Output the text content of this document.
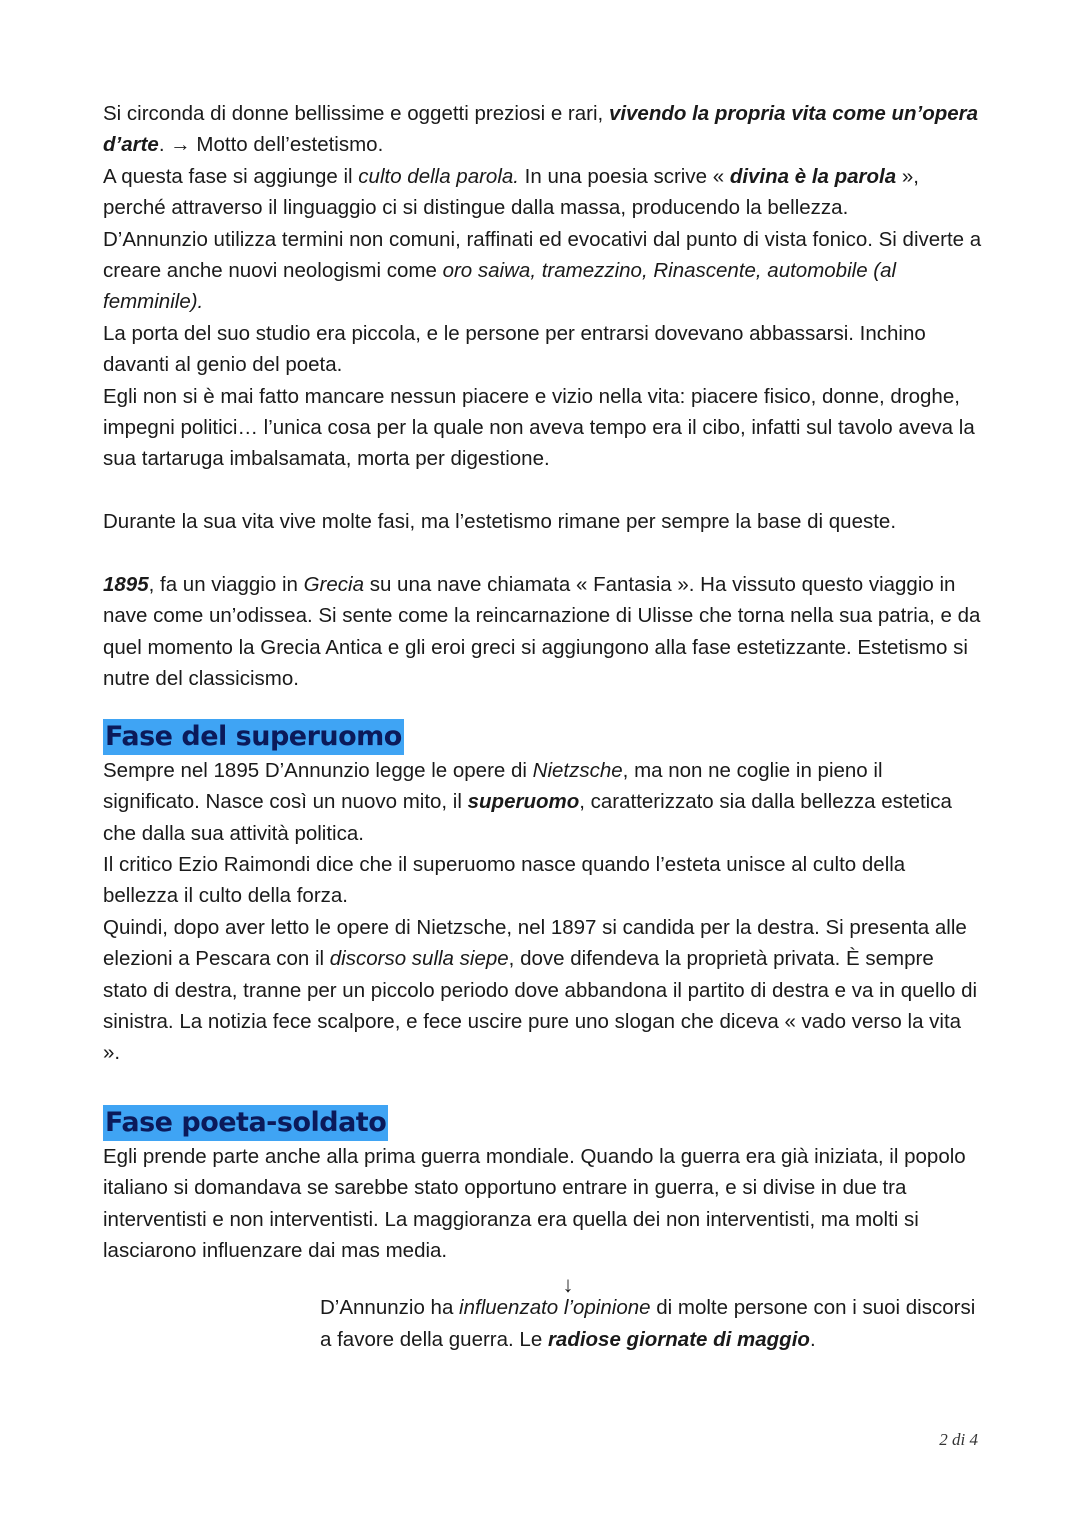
Si circonda di donne bellissime e oggetti preziosi e rari, vivendo la propria vita come un’opera d’arte. → Motto dell’estetismo.

A questa fase si aggiunge il culto della parola. In una poesia scrive « divina è la parola », perché attraverso il linguaggio ci si distingue dalla massa, producendo la bellezza.

D’Annunzio utilizza termini non comuni, raffinati ed evocativi dal punto di vista fonico. Si diverte a creare anche nuovi neologismi come oro saiwa, tramezzino, Rinascente, automobile (al femminile).

La porta del suo studio era piccola, e le persone per entrarsi dovevano abbassarsi. Inchino davanti al genio del poeta.

Egli non si è mai fatto mancare nessun piacere e vizio nella vita: piacere fisico, donne, droghe, impegni politici… l’unica cosa per la quale non aveva tempo era il cibo, infatti sul tavolo aveva la sua tartaruga imbalsamata, morta per digestione.

Durante la sua vita vive molte fasi, ma l’estetismo rimane per sempre la base di queste.

1895, fa un viaggio in Grecia su una nave chiamata « Fantasia ». Ha vissuto questo viaggio in nave come un’odissea. Si sente come la reincarnazione di Ulisse che torna nella sua patria, e da quel momento la Grecia Antica e gli eroi greci si aggiungono alla fase estetizzante. Estetismo si nutre del classicismo.

Fase del superuomo

Sempre nel 1895 D’Annunzio legge le opere di Nietzsche, ma non ne coglie in pieno il significato. Nasce così un nuovo mito, il superuomo, caratterizzato sia dalla bellezza estetica che dalla sua attività politica.

Il critico Ezio Raimondi dice che il superuomo nasce quando l’esteta unisce al culto della bellezza il culto della forza.

Quindi, dopo aver letto le opere di Nietzsche, nel 1897 si candida per la destra. Si presenta alle elezioni a Pescara con il discorso sulla siepe, dove difendeva la proprietà privata. È sempre stato di destra, tranne per un piccolo periodo dove abbandona il partito di destra e va in quello di sinistra. La notizia fece scalpore, e fece uscire pure uno slogan che diceva « vado verso la vita ».

Fase poeta-soldato

Egli prende parte anche alla prima guerra mondiale. Quando la guerra era già iniziata, il popolo italiano si domandava se sarebbe stato opportuno entrare in guerra, e si divise in due tra interventisti e non interventisti. La maggioranza era quella dei non interventisti, ma molti si lasciarono influenzare dai mas media.

↓

D’Annunzio ha influenzato l’opinione di molte persone con i suoi discorsi a favore della guerra. Le radiose giornate di maggio.

2 di 4
